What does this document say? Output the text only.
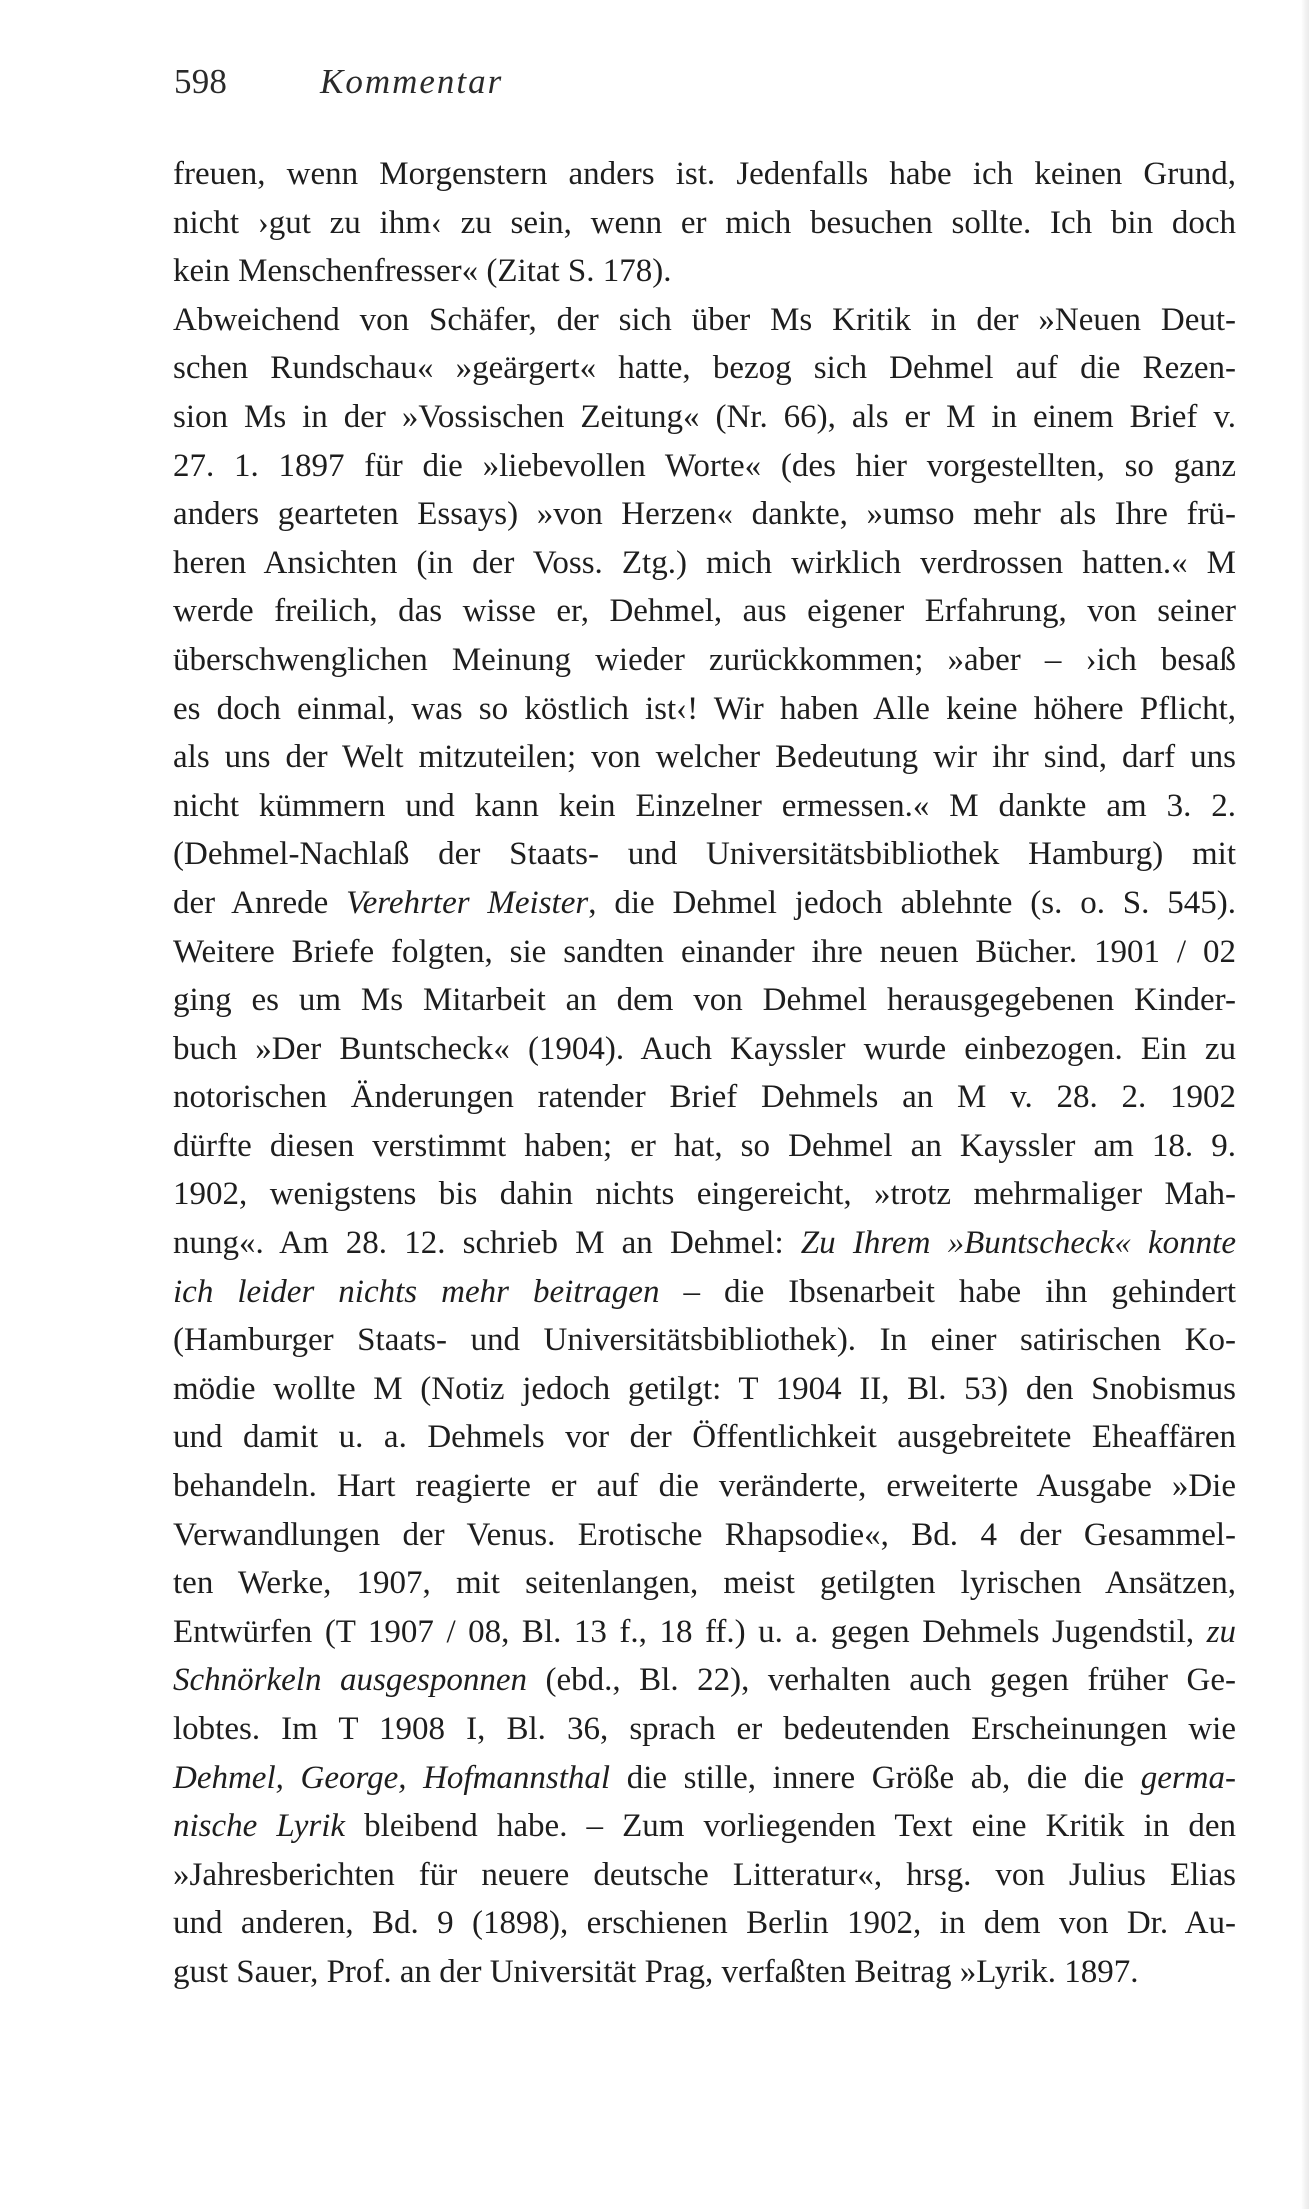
598	Kommentar
freuen, wenn Morgenstern anders ist. Jedenfalls habe ich keinen Grund,
nicht ›gut zu ihm‹ zu sein, wenn er mich besuchen sollte. Ich bin doch
kein Menschenfresser« (Zitat S. 178).
Abweichend von Schäfer, der sich über Ms Kritik in der »Neuen Deut-
schen Rundschau« »geärgert« hatte, bezog sich Dehmel auf die Rezen-
sion Ms in der »Vossischen Zeitung« (Nr. 66), als er M in einem Brief v.
27. 1. 1897 für die »liebevollen Worte« (des hier vorgestellten, so ganz
anders gearteten Essays) »von Herzen« dankte, »umso mehr als Ihre frü-
heren Ansichten (in der Voss. Ztg.) mich wirklich verdrossen hatten.« M
werde freilich, das wisse er, Dehmel, aus eigener Erfahrung, von seiner
überschwenglichen Meinung wieder zurückkommen; »aber – ›ich besaß
es doch einmal, was so köstlich ist‹! Wir haben Alle keine höhere Pflicht,
als uns der Welt mitzuteilen; von welcher Bedeutung wir ihr sind, darf uns
nicht kümmern und kann kein Einzelner ermessen.« M dankte am 3. 2.
(Dehmel-Nachlaß der Staats- und Universitätsbibliothek Hamburg) mit
der Anrede Verehrter Meister, die Dehmel jedoch ablehnte (s. o. S. 545).
Weitere Briefe folgten, sie sandten einander ihre neuen Bücher. 1901 / 02
ging es um Ms Mitarbeit an dem von Dehmel herausgegebenen Kinder-
buch »Der Buntscheck« (1904). Auch Kayssler wurde einbezogen. Ein zu
notorischen Änderungen ratender Brief Dehmels an M v. 28. 2. 1902
dürfte diesen verstimmt haben; er hat, so Dehmel an Kayssler am 18. 9.
1902, wenigstens bis dahin nichts eingereicht, »trotz mehrmaliger Mah-
nung«. Am 28. 12. schrieb M an Dehmel: Zu Ihrem »Buntscheck« konnte
ich leider nichts mehr beitragen – die Ibsenarbeit habe ihn gehindert
(Hamburger Staats- und Universitätsbibliothek). In einer satirischen Ko-
mödie wollte M (Notiz jedoch getilgt: T 1904 II, Bl. 53) den Snobismus
und damit u. a. Dehmels vor der Öffentlichkeit ausgebreitete Eheaffären
behandeln. Hart reagierte er auf die veränderte, erweiterte Ausgabe »Die
Verwandlungen der Venus. Erotische Rhapsodie«, Bd. 4 der Gesammel-
ten Werke, 1907, mit seitenlangen, meist getilgten lyrischen Ansätzen,
Entwürfen (T 1907 / 08, Bl. 13 f., 18 ff.) u. a. gegen Dehmels Jugendstil, zu
Schnörkeln ausgesponnen (ebd., Bl. 22), verhalten auch gegen früher Ge-
lobtes. Im T 1908 I, Bl. 36, sprach er bedeutenden Erscheinungen wie
Dehmel, George, Hofmannsthal die stille, innere Größe ab, die die germa-
nische Lyrik bleibend habe. – Zum vorliegenden Text eine Kritik in den
»Jahresberichten für neuere deutsche Litteratur«, hrsg. von Julius Elias
und anderen, Bd. 9 (1898), erschienen Berlin 1902, in dem von Dr. Au-
gust Sauer, Prof. an der Universität Prag, verfaßten Beitrag »Lyrik. 1897.
